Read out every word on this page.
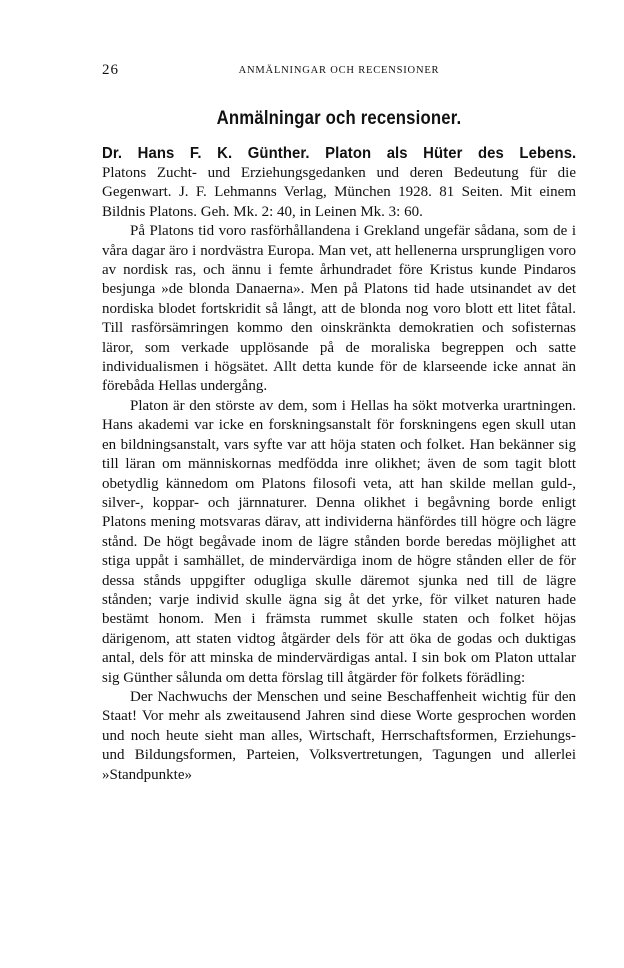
26	ANMÄLNINGAR OCH RECENSIONER
Anmälningar och recensioner.
Dr. Hans F. K. Günther. Platon als Hüter des Lebens.
Platons Zucht- und Erziehungsgedanken und deren Bedeutung für die Gegenwart. J. F. Lehmanns Verlag, München 1928. 81 Seiten. Mit einem Bildnis Platons. Geh. Mk. 2: 40, in Leinen Mk. 3: 60.

På Platons tid voro rasförhållandena i Grekland ungefär sådana, som de i våra dagar äro i nordvästra Europa. Man vet, att hellenerna ursprungligen voro av nordisk ras, och ännu i femte århundradet före Kristus kunde Pindaros besjunga »de blonda Danaerna». Men på Platons tid hade utsinandet av det nordiska blodet fortskridit så långt, att de blonda nog voro blott ett litet fåtal. Till rasförsämringen kommo den oinskränkta demokratien och sofisternas läror, som verkade upplösande på de moraliska begreppen och satte individualismen i högsätet. Allt detta kunde för de klarseende icke annat än förebåda Hellas undergång.

Platon är den störste av dem, som i Hellas ha sökt motverka urartningen. Hans akademi var icke en forskningsanstalt för forskningens egen skull utan en bildningsanstalt, vars syfte var att höja staten och folket. Han bekänner sig till läran om människornas medfödda inre olikhet; även de som tagit blott obetydlig kännedom om Platons filosofi veta, att han skilde mellan guld-, silver-, koppar- och järnnaturer. Denna olikhet i begåvning borde enligt Platons mening motsvaras därav, att individerna hänfördes till högre och lägre stånd. De högt begåvade inom de lägre stånden borde beredas möjlighet att stiga uppåt i samhället, de mindervärdiga inom de högre stånden eller de för dessa stånds uppgifter odugliga skulle däremot sjunka ned till de lägre stånden; varje individ skulle ägna sig åt det yrke, för vilket naturen hade bestämt honom. Men i främsta rummet skulle staten och folket höjas därigenom, att staten vidtog åtgärder dels för att öka de godas och duktigas antal, dels för att minska de mindervärdigas antal. I sin bok om Platon uttalar sig Günther sålunda om detta förslag till åtgärder för folkets förädling:

Der Nachwuchs der Menschen und seine Beschaffenheit wichtig für den Staat! Vor mehr als zweitausend Jahren sind diese Worte gesprochen worden und noch heute sieht man alles, Wirtschaft, Herrschaftsformen, Erziehungs- und Bildungsformen, Parteien, Volksvertretungen, Tagungen und allerlei »Standpunkte»
